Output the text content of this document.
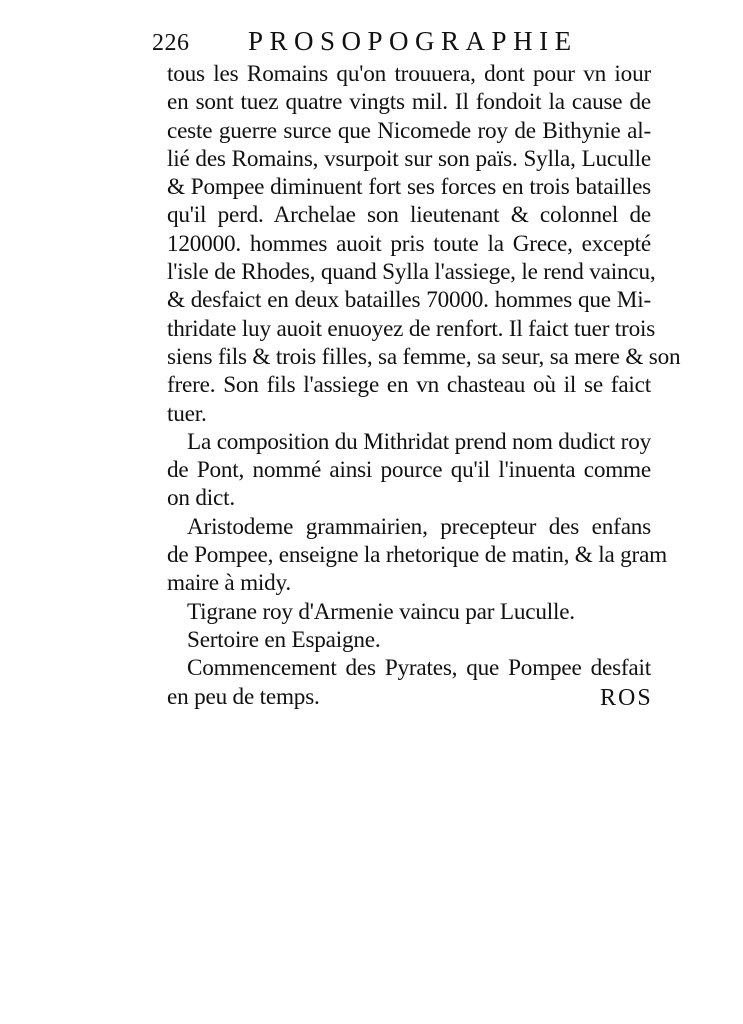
226 PROSOPOGRAPHIE
tous les Romains qu'on trouuera, dont pour vn iour
en sont tuez quatre vingts mil. Il fondoit la cause de
ceste guerre surce que Nicomede roy de Bithynie al-
lié des Romains, vsurpoit sur son païs. Sylla, Luculle
& Pompee diminuent fort ses forces en trois batailles
qu'il perd. Archelae son lieutenant & colonnel de
120000. hommes auoit pris toute la Grece, excepté
l'isle de Rhodes, quand Sylla l'assiege, le rend vaincu,
& desfaict en deux batailles 70000. hommes que Mi-
thridate luy auoit enuoyez de renfort. Il faict tuer trois
siens fils & trois filles, sa femme, sa seur, sa mere & son
frere. Son fils l'assiege en vn chasteau où il se faict
tuer.
La composition du Mithridat prend nom dudict roy
de Pont, nommé ainsi pource qu'il l'inuenta comme
on dict.
Aristodeme grammairien, precepteur des enfans
de Pompee, enseigne la rhetorique de matin, & la gram
maire à midy.
Tigrane roy d'Armenie vaincu par Luculle.
Sertoire en Espaigne.
Commencement des Pyrates, que Pompee desfait
en peu de temps.	ROS
